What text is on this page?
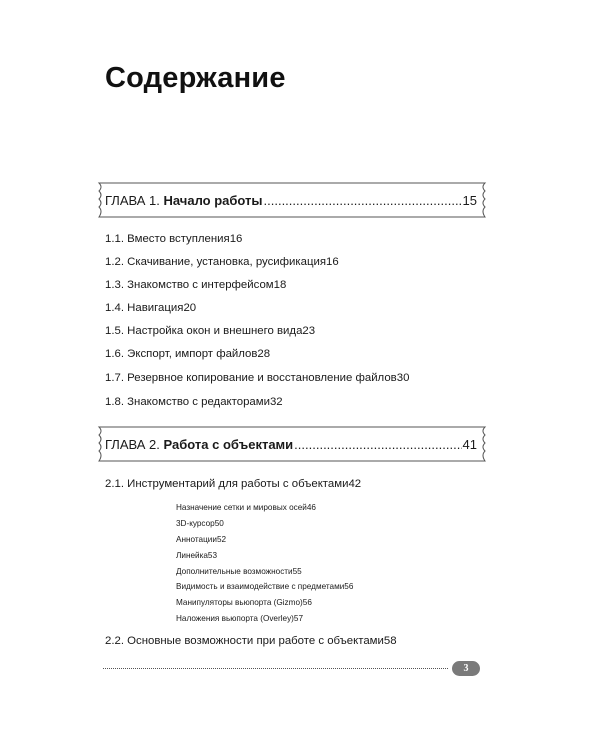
Содержание
ГЛАВА 1.
Начало работы .....	15
1.1. Вместо вступления 16
1.2. Скачивание, установка, русификация 16
1.3. Знакомство с интерфейсом 18
1.4. Навигация 20
1.5. Настройка окон и внешнего вида 23
1.6. Экспорт, импорт файлов 28
1.7. Резервное копирование и восстановление файлов 30
1.8. Знакомство с редакторами 32
ГЛАВА 2.
Работа с объектами .....	41
2.1. Инструментарий для работы с объектами 42
Назначение сетки и мировых осей 46
3D-курсор 50
Аннотации 52
Линейка 53
Дополнительные возможности 55
Видимость и взаимодействие с предметами 56
Манипуляторы вьюпорта (Gizmo) 56
Наложения вьюпорта (Overley) 57
2.2. Основные возможности при работе с объектами 58
3
